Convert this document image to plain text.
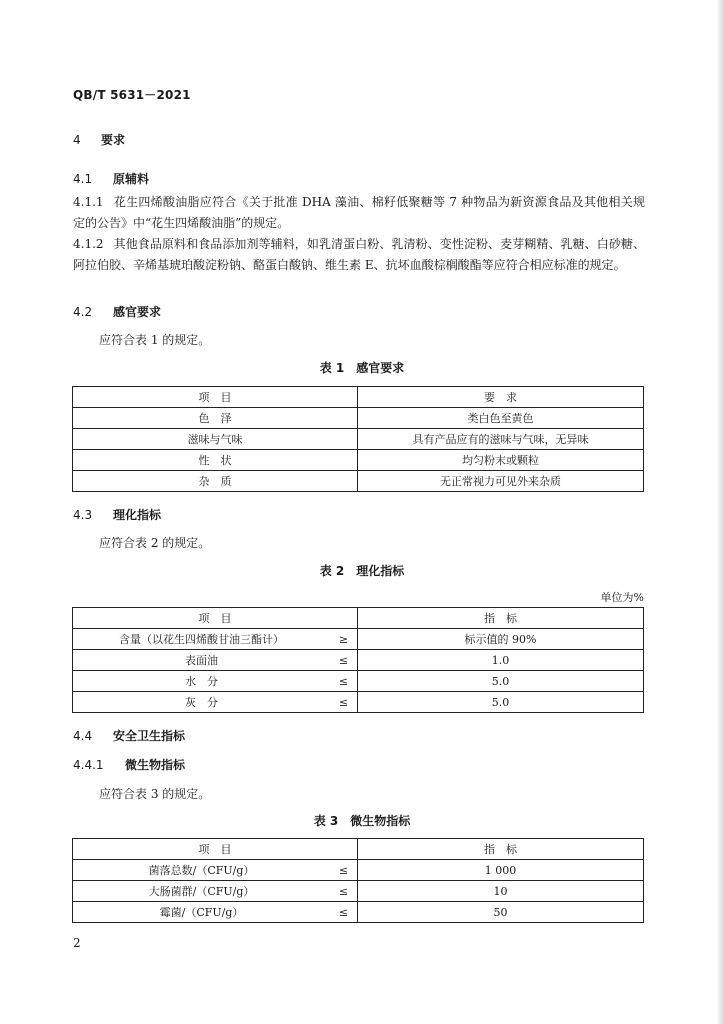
QB/T 5631－2021
4 要求
4.1 原辅料
4.1.1 花生四烯酸油脂应符合《关于批准 DHA 藻油、棉籽低聚糖等 7 种物品为新资源食品及其他相关规定的公告》中“花生四烯酸油脂”的规定。
4.1.2 其他食品原料和食品添加剂等辅料，如乳清蛋白粉、乳清粉、变性淀粉、麦芽糊精、乳糖、白砂糖、阿拉伯胶、辛烯基琥珀酸淀粉钠、酪蛋白酸钠、维生素 E、抗坏血酸棕榈酸酯等应符合相应标准的规定。
4.2 感官要求
应符合表 1 的规定。
表 1　感官要求
项　目	要　求
色　泽	类白色至黄色
滋味与气味	具有产品应有的滋味与气味，无异味
性　状	均匀粉末或颗粒
杂　质	无正常视力可见外来杂质
4.3 理化指标
应符合表 2 的规定。
表 2　理化指标
单位为%
项　目		指　标
含量（以花生四烯酸甘油三酯计）	≥	标示值的 90%
表面油	≤	1.0
水　分	≤	5.0
灰　分	≤	5.0
4.4 安全卫生指标
4.4.1 微生物指标
应符合表 3 的规定。
表 3　微生物指标
项　目		指　标
菌落总数/（CFU/g）	≤	1 000
大肠菌群/（CFU/g）	≤	10
霉菌/（CFU/g）	≤	50
2
